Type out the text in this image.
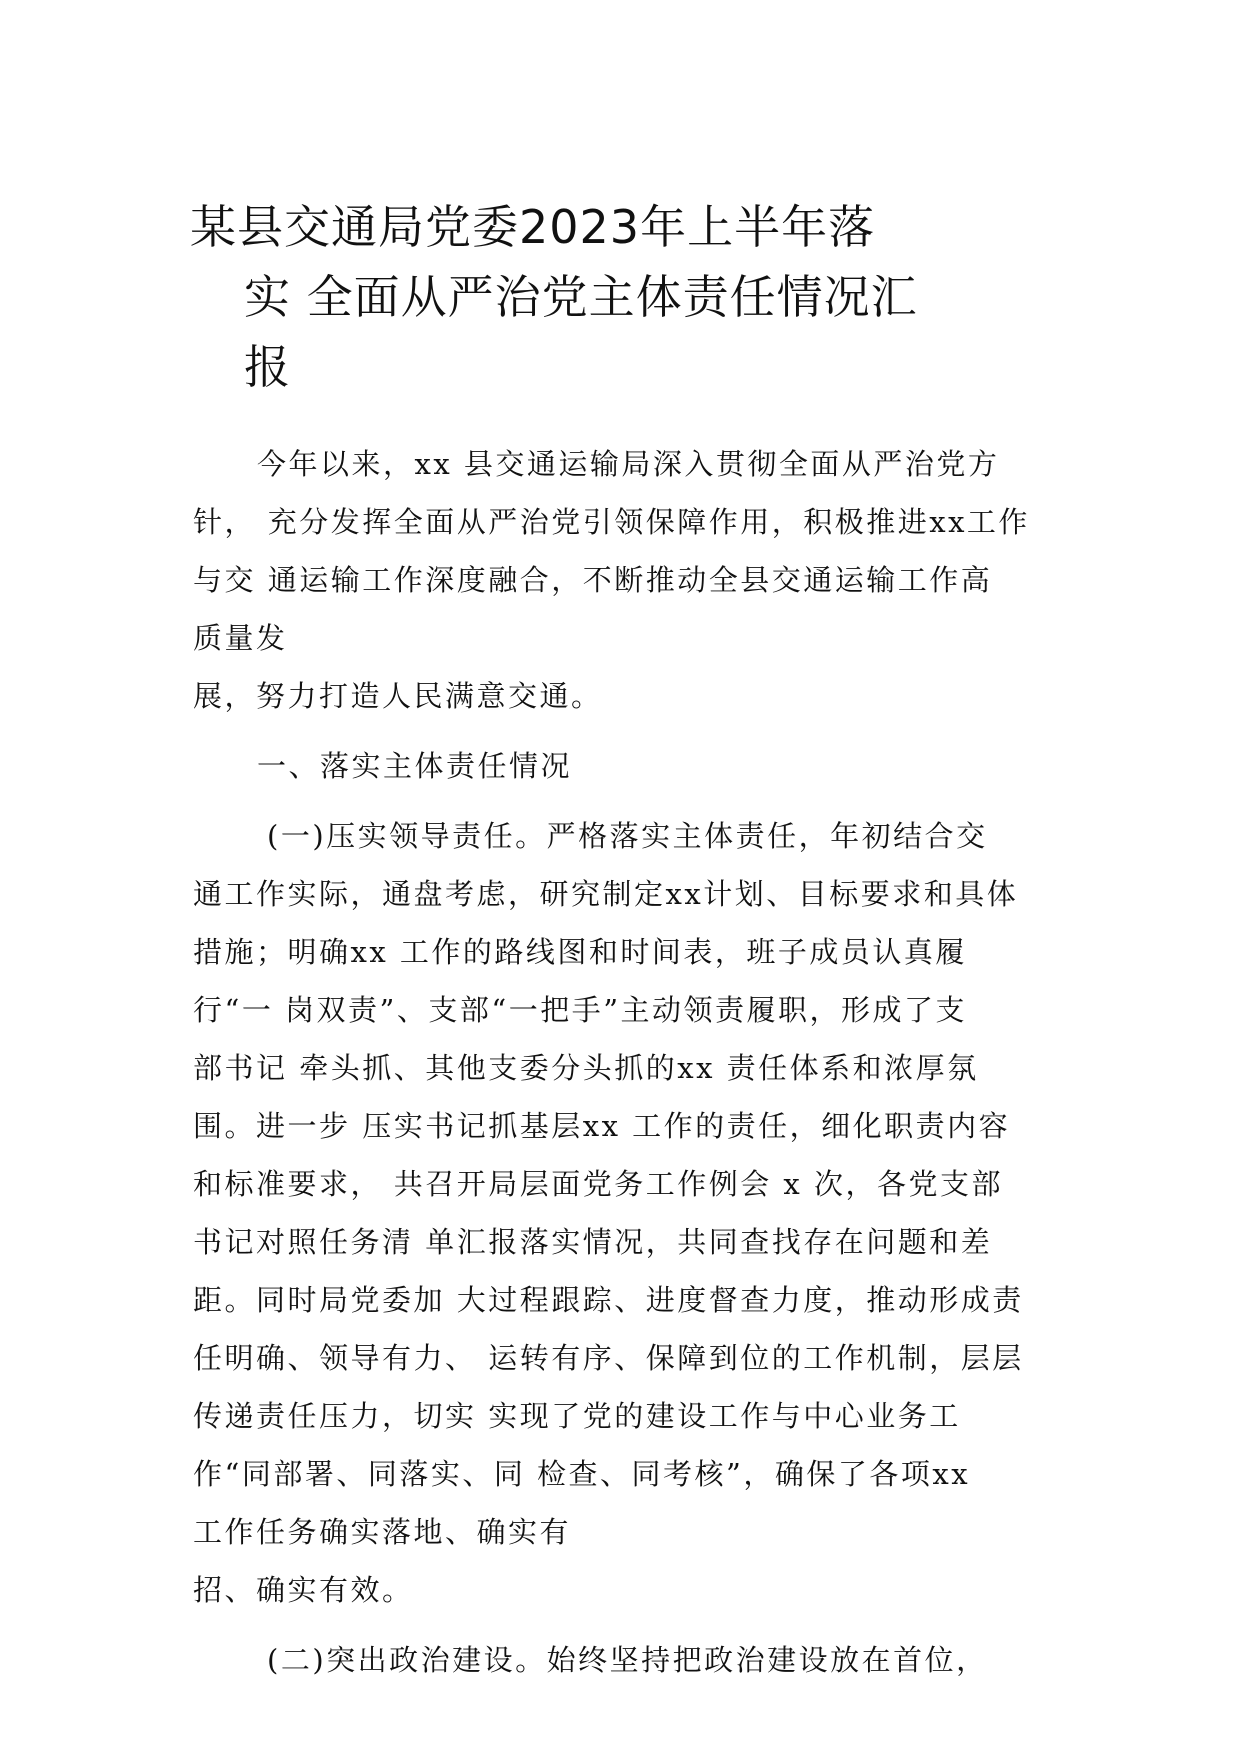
某县交通局党委2023年上半年落
实 全面从严治党主体责任情况汇
报
今年以来，xx 县交通运输局深入贯彻全面从严治党方
针， 充分发挥全面从严治党引领保障作用，积极推进xx工作
与交 通运输工作深度融合，不断推动全县交通运输工作高
质量发
展，努力打造人民满意交通。
一、落实主体责任情况
(一)压实领导责任。严格落实主体责任，年初结合交
通工作实际，通盘考虑，研究制定xx计划、目标要求和具体
措施；明确xx 工作的路线图和时间表，班子成员认真履
行“一 岗双责”、支部“一把手”主动领责履职，形成了支
部书记 牵头抓、其他支委分头抓的xx 责任体系和浓厚氛
围。进一步 压实书记抓基层xx 工作的责任，细化职责内容
和标准要求， 共召开局层面党务工作例会 x 次，各党支部
书记对照任务清 单汇报落实情况，共同查找存在问题和差
距。同时局党委加 大过程跟踪、进度督查力度，推动形成责
任明确、领导有力、 运转有序、保障到位的工作机制，层层
传递责任压力，切实 实现了党的建设工作与中心业务工
作“同部署、同落实、同 检查、同考核”，确保了各项xx
工作任务确实落地、确实有
招、确实有效。
(二)突出政治建设。始终坚持把政治建设放在首位，
